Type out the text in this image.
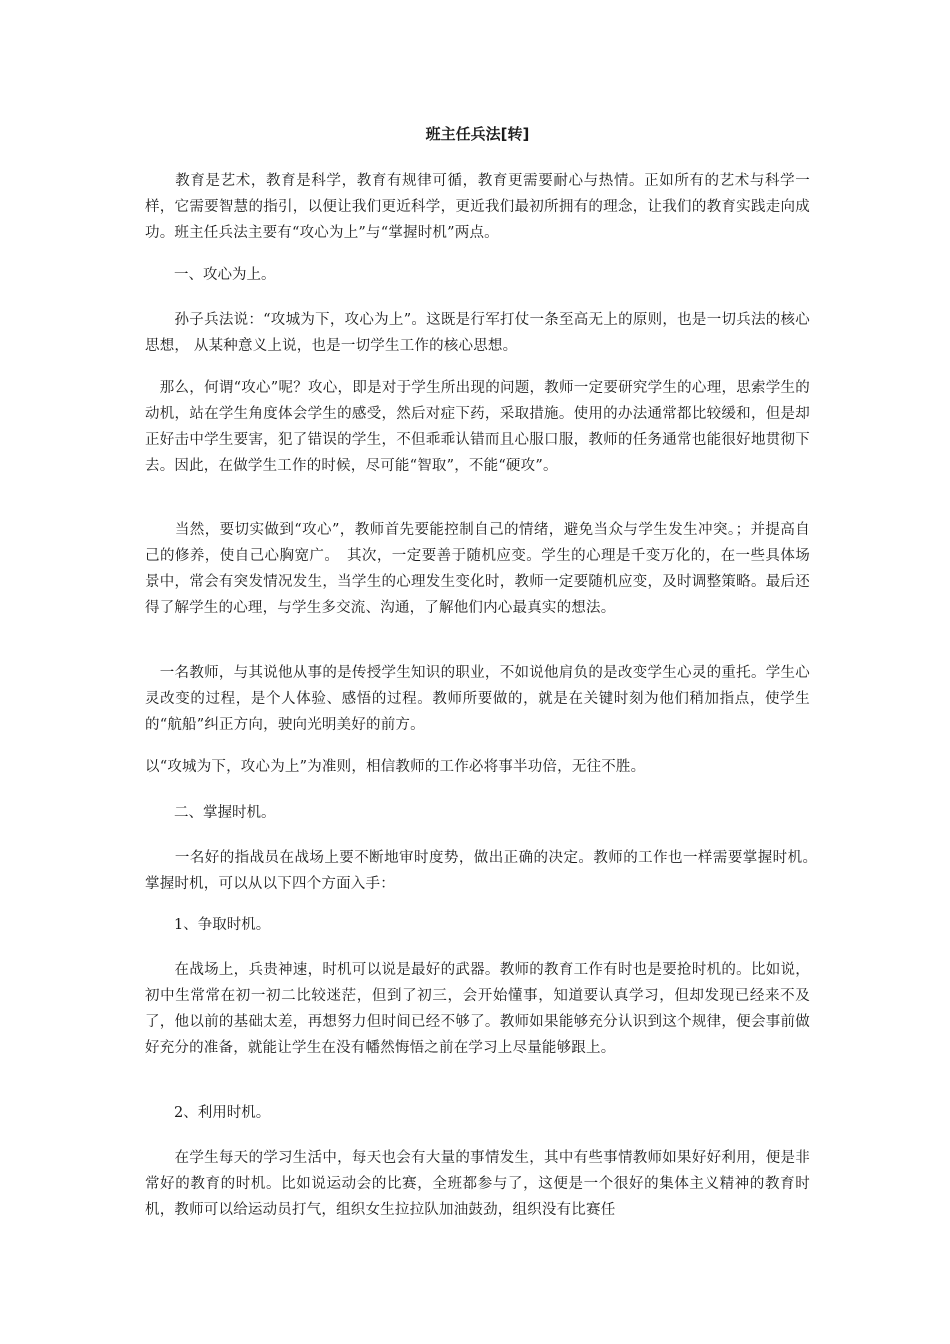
班主任兵法[转]

　　教育是艺术，教育是科学，教育有规律可循，教育更需要耐心与热情。正如所有的艺术与科学一样，它需要智慧的指引，以便让我们更近科学，更近我们最初所拥有的理念，让我们的教育实践走向成功。班主任兵法主要有“攻心为上”与“掌握时机”两点。

一、攻心为上。

　　孙子兵法说：“攻城为下，攻心为上”。这既是行军打仗一条至高无上的原则，也是一切兵法的核心思想， 从某种意义上说，也是一切学生工作的核心思想。

　那么，何谓“攻心”呢？攻心，即是对于学生所出现的问题，教师一定要研究学生的心理，思索学生的动机，站在学生角度体会学生的感受，然后对症下药，采取措施。使用的办法通常都比较缓和，但是却正好击中学生要害，犯了错误的学生，不但乖乖认错而且心服口服，教师的任务通常也能很好地贯彻下去。因此，在做学生工作的时候，尽可能“智取”，不能“硬攻”。

　　当然，要切实做到“攻心”，教师首先要能控制自己的情绪，避免当众与学生发生冲突。；并提高自己的修养，使自己心胸宽广。　其次，一定要善于随机应变。学生的心理是千变万化的，在一些具体场景中，常会有突发情况发生，当学生的心理发生变化时，教师一定要随机应变，及时调整策略。最后还得了解学生的心理，与学生多交流、沟通，了解他们内心最真实的想法。

　一名教师，与其说他从事的是传授学生知识的职业，不如说他肩负的是改变学生心灵的重托。学生心灵改变的过程，是个人体验、感悟的过程。教师所要做的，就是在关键时刻为他们稍加指点，使学生的“航船”纠正方向，驶向光明美好的前方。

以“攻城为下，攻心为上”为准则，相信教师的工作必将事半功倍，无往不胜。

二、掌握时机。

　　一名好的指战员在战场上要不断地审时度势，做出正确的决定。教师的工作也一样需要掌握时机。　掌握时机，可以从以下四个方面入手：

1、争取时机。

　　在战场上，兵贵神速，时机可以说是最好的武器。教师的教育工作有时也是要抢时机的。比如说，初中生常常在初一初二比较迷茫，但到了初三，会开始懂事，知道要认真学习，但却发现已经来不及了，他以前的基础太差，再想努力但时间已经不够了。教师如果能够充分认识到这个规律，便会事前做好充分的准备，就能让学生在没有幡然悔悟之前在学习上尽量能够跟上。

2、利用时机。

　　在学生每天的学习生活中，每天也会有大量的事情发生，其中有些事情教师如果好好利用，便是非常好的教育的时机。比如说运动会的比赛，全班都参与了，这便是一个很好的集体主义精神的教育时机，教师可以给运动员打气，组织女生拉拉队加油鼓劲，组织没有比赛任
